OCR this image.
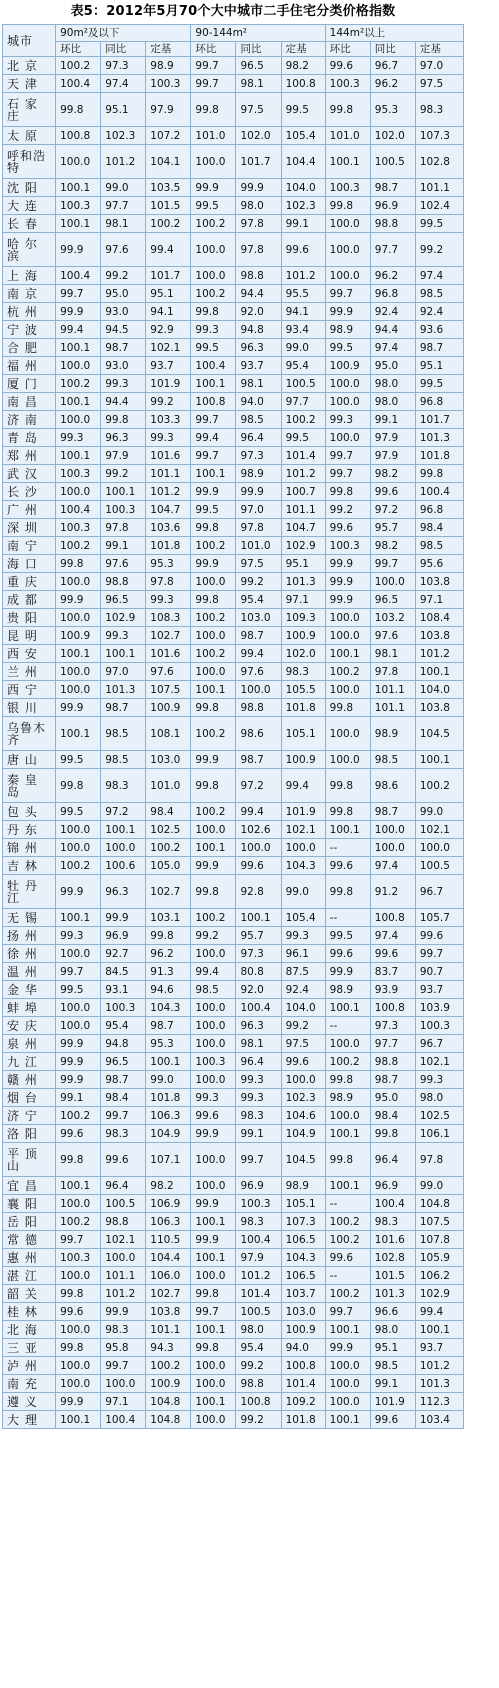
表5：2012年5月70个大中城市二手住宅分类价格指数
城市	90m²及以下			90-144m²			144m²以上		
	环比	同比	定基	环比	同比	定基	环比	同比	定基
北 京	100.2	97.3	98.9	99.7	96.5	98.2	99.6	96.7	97.0
天 津	100.4	97.4	100.3	99.7	98.1	100.8	100.3	96.2	97.5
石 家 庄	99.8	95.1	97.9	99.8	97.5	99.5	99.8	95.3	98.3
太 原	100.8	102.3	107.2	101.0	102.0	105.4	101.0	102.0	107.3
呼和浩特	100.0	101.2	104.1	100.0	101.7	104.4	100.1	100.5	102.8
沈 阳	100.1	99.0	103.5	99.9	99.9	104.0	100.3	98.7	101.1
大 连	100.3	97.7	101.5	99.5	98.0	102.3	99.8	96.9	102.4
长 春	100.1	98.1	100.2	100.2	97.8	99.1	100.0	98.8	99.5
哈 尔 滨	99.9	97.6	99.4	100.0	97.8	99.6	100.0	97.7	99.2
上 海	100.4	99.2	101.7	100.0	98.8	101.2	100.0	96.2	97.4
南 京	99.7	95.0	95.1	100.2	94.4	95.5	99.7	96.8	98.5
杭 州	99.9	93.0	94.1	99.8	92.0	94.1	99.9	92.4	92.4
宁 波	99.4	94.5	92.9	99.3	94.8	93.4	98.9	94.4	93.6
合 肥	100.1	98.7	102.1	99.5	96.3	99.0	99.5	97.4	98.7
福 州	100.0	93.0	93.7	100.4	93.7	95.4	100.9	95.0	95.1
厦 门	100.2	99.3	101.9	100.1	98.1	100.5	100.0	98.0	99.5
南 昌	100.1	94.4	99.2	100.8	94.0	97.7	100.0	98.0	96.8
济 南	100.0	99.8	103.3	99.7	98.5	100.2	99.3	99.1	101.7
青 岛	99.3	96.3	99.3	99.4	96.4	99.5	100.0	97.9	101.3
郑 州	100.1	97.9	101.6	99.7	97.3	101.4	99.7	97.9	101.8
武 汉	100.3	99.2	101.1	100.1	98.9	101.2	99.7	98.2	99.8
长 沙	100.0	100.1	101.2	99.9	99.9	100.7	99.8	99.6	100.4
广 州	100.4	100.3	104.7	99.5	97.0	101.1	99.2	97.2	96.8
深 圳	100.3	97.8	103.6	99.8	97.8	104.7	99.6	95.7	98.4
南 宁	100.2	99.1	101.8	100.2	101.0	102.9	100.3	98.2	98.5
海 口	99.8	97.6	95.3	99.9	97.5	95.1	99.9	99.7	95.6
重 庆	100.0	98.8	97.8	100.0	99.2	101.3	99.9	100.0	103.8
成 都	99.9	96.5	99.3	99.8	95.4	97.1	99.9	96.5	97.1
贵 阳	100.0	102.9	108.3	100.2	103.0	109.3	100.0	103.2	108.4
昆 明	100.9	99.3	102.7	100.0	98.7	100.9	100.0	97.6	103.8
西 安	100.1	100.1	101.6	100.2	99.4	102.0	100.1	98.1	101.2
兰 州	100.0	97.0	97.6	100.0	97.6	98.3	100.2	97.8	100.1
西 宁	100.0	101.3	107.5	100.1	100.0	105.5	100.0	101.1	104.0
银 川	99.9	98.7	100.9	99.8	98.8	101.8	99.8	101.1	103.8
乌鲁木齐	100.1	98.5	108.1	100.2	98.6	105.1	100.0	98.9	104.5
唐 山	99.5	98.5	103.0	99.9	98.7	100.9	100.0	98.5	100.1
秦 皇 岛	99.8	98.3	101.0	99.8	97.2	99.4	99.8	98.6	100.2
包 头	99.5	97.2	98.4	100.2	99.4	101.9	99.8	98.7	99.0
丹 东	100.0	100.1	102.5	100.0	102.6	102.1	100.1	100.0	102.1
锦 州	100.0	100.0	100.2	100.1	100.0	100.0	--	100.0	100.0
吉 林	100.2	100.6	105.0	99.9	99.6	104.3	99.6	97.4	100.5
牡 丹 江	99.9	96.3	102.7	99.8	92.8	99.0	99.8	91.2	96.7
无 锡	100.1	99.9	103.1	100.2	100.1	105.4	--	100.8	105.7
扬 州	99.3	96.9	99.8	99.2	95.7	99.3	99.5	97.4	99.6
徐 州	100.0	92.7	96.2	100.0	97.3	96.1	99.6	99.6	99.7
温 州	99.7	84.5	91.3	99.4	80.8	87.5	99.9	83.7	90.7
金 华	99.5	93.1	94.6	98.5	92.0	92.4	98.9	93.9	93.7
蚌 埠	100.0	100.3	104.3	100.0	100.4	104.0	100.1	100.8	103.9
安 庆	100.0	95.4	98.7	100.0	96.3	99.2	--	97.3	100.3
泉 州	99.9	94.8	95.3	100.0	98.1	97.5	100.0	97.7	96.7
九 江	99.9	96.5	100.1	100.3	96.4	99.6	100.2	98.8	102.1
赣 州	99.9	98.7	99.0	100.0	99.3	100.0	99.8	98.7	99.3
烟 台	99.1	98.4	101.8	99.3	99.3	102.3	98.9	95.0	98.0
济 宁	100.2	99.7	106.3	99.6	98.3	104.6	100.0	98.4	102.5
洛 阳	99.6	98.3	104.9	99.9	99.1	104.9	100.1	99.8	106.1
平 顶 山	99.8	99.6	107.1	100.0	99.7	104.5	99.8	96.4	97.8
宜 昌	100.1	96.4	98.2	100.0	96.9	98.9	100.1	96.9	99.0
襄 阳	100.0	100.5	106.9	99.9	100.3	105.1	--	100.4	104.8
岳 阳	100.2	98.8	106.3	100.1	98.3	107.3	100.2	98.3	107.5
常 德	99.7	102.1	110.5	99.9	100.4	106.5	100.2	101.6	107.8
惠 州	100.3	100.0	104.4	100.1	97.9	104.3	99.6	102.8	105.9
湛 江	100.0	101.1	106.0	100.0	101.2	106.5	--	101.5	106.2
韶 关	99.8	101.2	102.7	99.8	101.4	103.7	100.2	101.3	102.9
桂 林	99.6	99.9	103.8	99.7	100.5	103.0	99.7	96.6	99.4
北 海	100.0	98.3	101.1	100.1	98.0	100.9	100.1	98.0	100.1
三 亚	99.8	95.8	94.3	99.8	95.4	94.0	99.9	95.1	93.7
泸 州	100.0	99.7	100.2	100.0	99.2	100.8	100.0	98.5	101.2
南 充	100.0	100.0	100.9	100.0	98.8	101.4	100.0	99.1	101.3
遵 义	99.9	97.1	104.8	100.1	100.8	109.2	100.0	101.9	112.3
大 理	100.1	100.4	104.8	100.0	99.2	101.8	100.1	99.6	103.4
